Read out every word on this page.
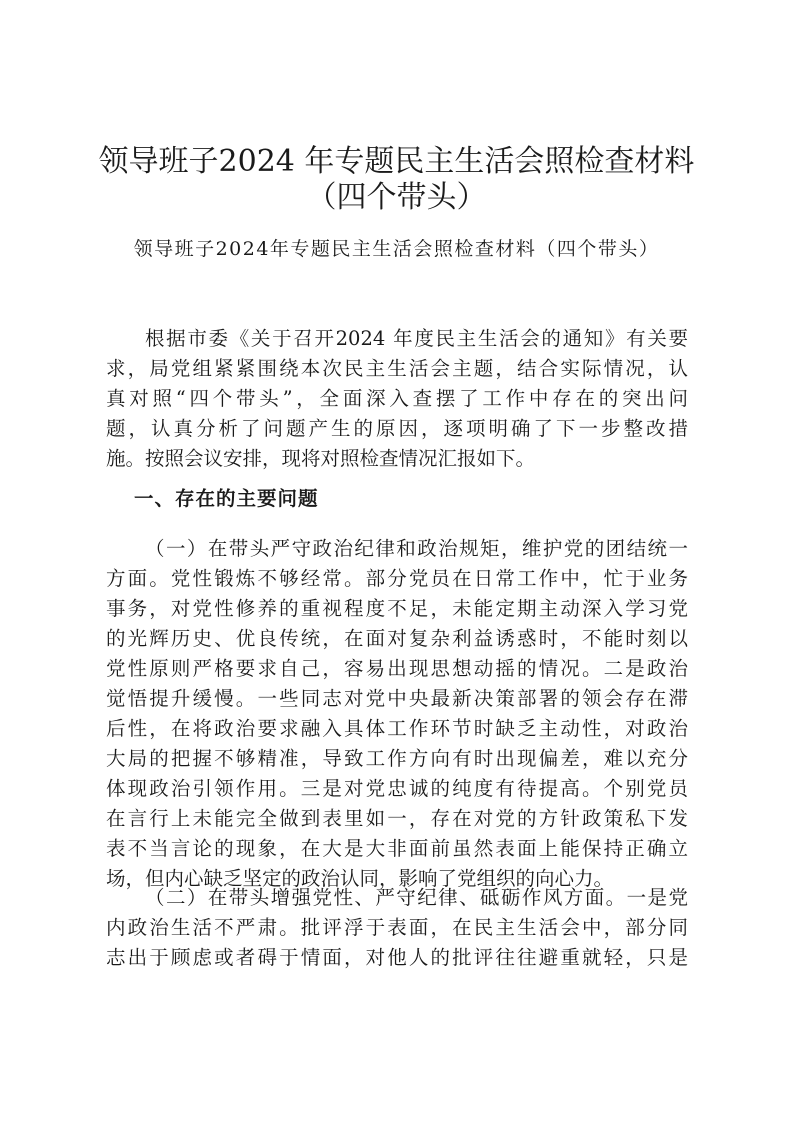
领导班子2024 年专题民主生活会照检查材料
（四个带头）

领导班子2024年专题民主生活会照检查材料（四个带头）

根据市委《关于召开2024 年度民主生活会的通知》有关要
求，局党组紧紧围绕本次民主生活会主题，结合实际情况，认
真对照“四个带头”，全面深入查摆了工作中存在的突出问
题，认真分析了问题产生的原因，逐项明确了下一步整改措
施。按照会议安排，现将对照检查情况汇报如下。
一、存在的主要问题
（一）在带头严守政治纪律和政治规矩，维护党的团结统一
方面。党性锻炼不够经常。部分党员在日常工作中，忙于业务
事务，对党性修养的重视程度不足，未能定期主动深入学习党
的光辉历史、优良传统，在面对复杂利益诱惑时，不能时刻以
党性原则严格要求自己，容易出现思想动摇的情况。二是政治
觉悟提升缓慢。一些同志对党中央最新决策部署的领会存在滞
后性，在将政治要求融入具体工作环节时缺乏主动性，对政治
大局的把握不够精准，导致工作方向有时出现偏差，难以充分
体现政治引领作用。三是对党忠诚的纯度有待提高。个别党员
在言行上未能完全做到表里如一，存在对党的方针政策私下发
表不当言论的现象，在大是大非面前虽然表面上能保持正确立
场，但内心缺乏坚定的政治认同，影响了党组织的向心力。
（二）在带头增强党性、严守纪律、砥砺作风方面。一是党
内政治生活不严肃。批评浮于表面，在民主生活会中，部分同
志出于顾虑或者碍于情面，对他人的批评往往避重就轻，只是
